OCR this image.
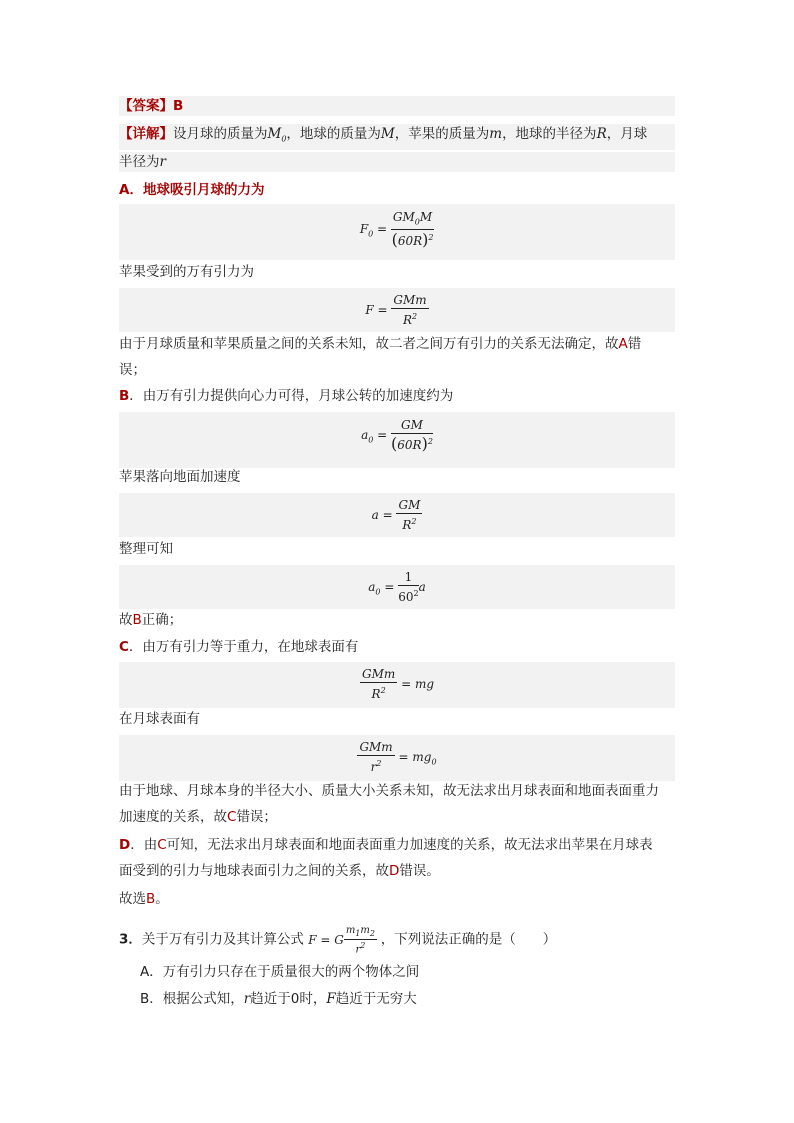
【答案】B
【详解】设月球的质量为$M_0$，地球的质量为M，苹果的质量为m，地球的半径为R，月球
半径为r
A．地球吸引月球的力为
$F_0 = \frac{GM_0M}{(60R)^2}$
苹果受到的万有引力为
$F = \frac{\text{GMm}}{R^2}$
由于月球质量和苹果质量之间的关系未知，故二者之间万有引力的关系无法确定，故A错
误；
B．由万有引力提供向心力可得，月球公转的加速度约为
$a_0 = \frac{GM}{(60R)^2}$
苹果落向地面加速度
$a = \frac{GM}{R^2}$
整理可知
$a_0 = \frac{1}{60^2}$ a
故B正确；
C．由万有引力等于重力，在地球表面有
$\frac{\text{GMm}}{R^2}$ = mg
在月球表面有
$\frac{\text{GMm}}{r^2} = mg_0$
由于地球、月球本身的半径大小、质量大小关系未知，故无法求出月球表面和地面表面重力
加速度的关系，故C错误；
D．由C可知，无法求出月球表面和地面表面重力加速度的关系，故无法求出苹果在月球表
面受到的引力与地球表面引力之间的关系，故D错误。
故选B。
3．关于万有引力及其计算公式 F = G $\frac{m_1m_2}{r^2}$ ，下列说法正确的是（　　）
A．万有引力只存在于质量很大的两个物体之间
B．根据公式知，r趋近于0时，F趋近于无穷大
